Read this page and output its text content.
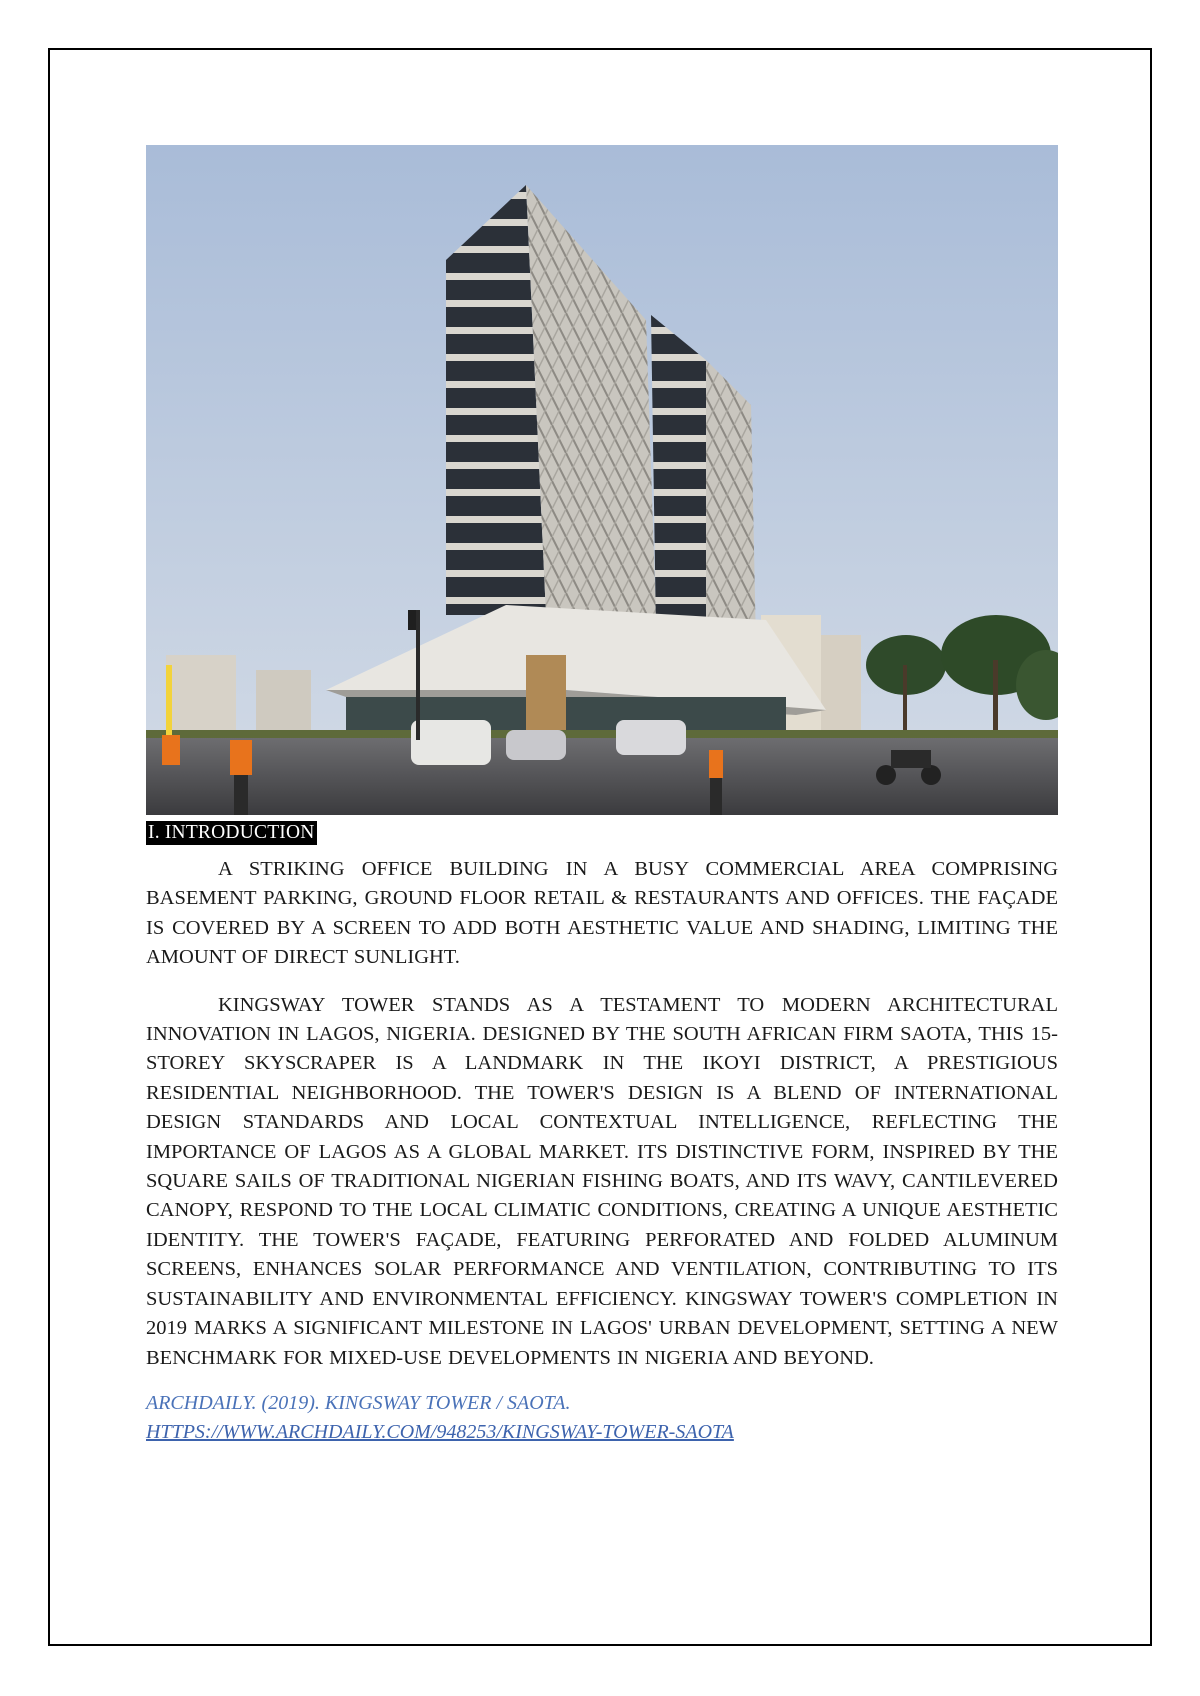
I. INTRODUCTION

A STRIKING OFFICE BUILDING IN A BUSY COMMERCIAL AREA COMPRISING BASEMENT PARKING, GROUND FLOOR RETAIL & RESTAURANTS AND OFFICES. THE FAÇADE IS COVERED BY A SCREEN TO ADD BOTH AESTHETIC VALUE AND SHADING, LIMITING THE AMOUNT OF DIRECT SUNLIGHT.

KINGSWAY TOWER STANDS AS A TESTAMENT TO MODERN ARCHITECTURAL INNOVATION IN LAGOS, NIGERIA. DESIGNED BY THE SOUTH AFRICAN FIRM SAOTA, THIS 15-STOREY SKYSCRAPER IS A LANDMARK IN THE IKOYI DISTRICT, A PRESTIGIOUS RESIDENTIAL NEIGHBORHOOD. THE TOWER'S DESIGN IS A BLEND OF INTERNATIONAL DESIGN STANDARDS AND LOCAL CONTEXTUAL INTELLIGENCE, REFLECTING THE IMPORTANCE OF LAGOS AS A GLOBAL MARKET. ITS DISTINCTIVE FORM, INSPIRED BY THE SQUARE SAILS OF TRADITIONAL NIGERIAN FISHING BOATS, AND ITS WAVY, CANTILEVERED CANOPY, RESPOND TO THE LOCAL CLIMATIC CONDITIONS, CREATING A UNIQUE AESTHETIC IDENTITY. THE TOWER'S FAÇADE, FEATURING PERFORATED AND FOLDED ALUMINUM SCREENS, ENHANCES SOLAR PERFORMANCE AND VENTILATION, CONTRIBUTING TO ITS SUSTAINABILITY AND ENVIRONMENTAL EFFICIENCY. KINGSWAY TOWER'S COMPLETION IN 2019 MARKS A SIGNIFICANT MILESTONE IN LAGOS' URBAN DEVELOPMENT, SETTING A NEW BENCHMARK FOR MIXED-USE DEVELOPMENTS IN NIGERIA AND BEYOND.

ARCHDAILY. (2019). KINGSWAY TOWER / SAOTA.
HTTPS://WWW.ARCHDAILY.COM/948253/KINGSWAY-TOWER-SAOTA
